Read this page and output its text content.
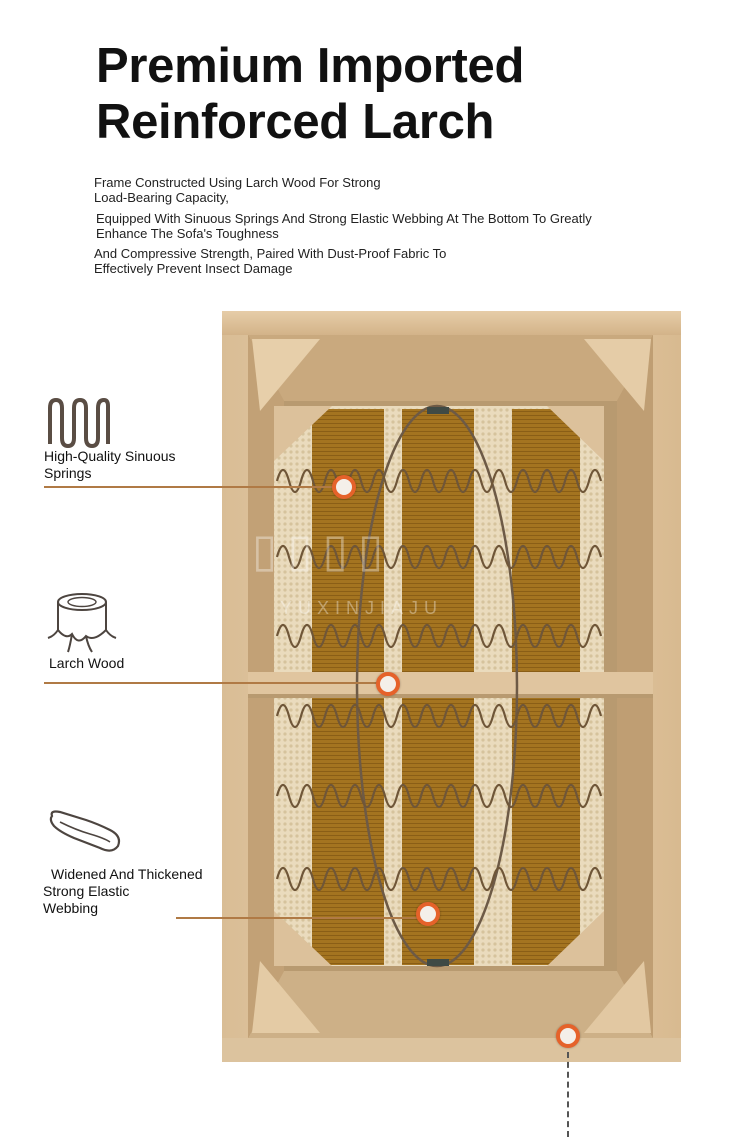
Premium Imported
Reinforced Larch
Frame Constructed Using Larch Wood For Strong
Load-Bearing Capacity,
Equipped With Sinuous Springs And Strong Elastic Webbing At The Bottom To Greatly
Enhance The Sofa's Toughness
And Compressive Strength, Paired With Dust-Proof Fabric To
Effectively Prevent Insect Damage
▯▯▯▯
YUXINJIAJU
High-Quality Sinuous
Springs
Larch Wood
Widened And Thickened
Strong Elastic
Webbing
